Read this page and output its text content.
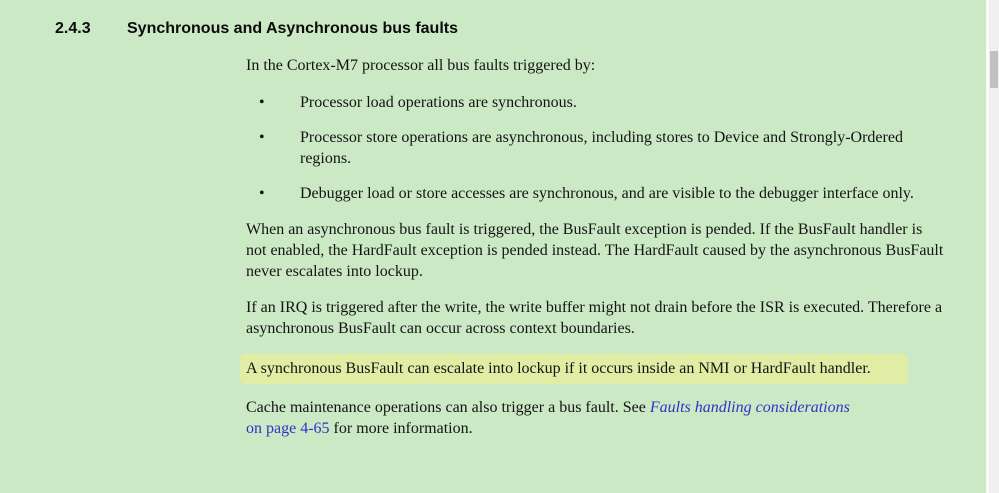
2.4.3 Synchronous and Asynchronous bus faults

In the Cortex-M7 processor all bus faults triggered by:

• Processor load operations are synchronous.
• Processor store operations are asynchronous, including stores to Device and Strongly-Ordered regions.
• Debugger load or store accesses are synchronous, and are visible to the debugger interface only.

When an asynchronous bus fault is triggered, the BusFault exception is pended. If the BusFault handler is not enabled, the HardFault exception is pended instead. The HardFault caused by the asynchronous BusFault never escalates into lockup.

If an IRQ is triggered after the write, the write buffer might not drain before the ISR is executed. Therefore a asynchronous BusFault can occur across context boundaries.

A synchronous BusFault can escalate into lockup if it occurs inside an NMI or HardFault handler.

Cache maintenance operations can also trigger a bus fault. See Faults handling considerations
on page 4-65 for more information.
